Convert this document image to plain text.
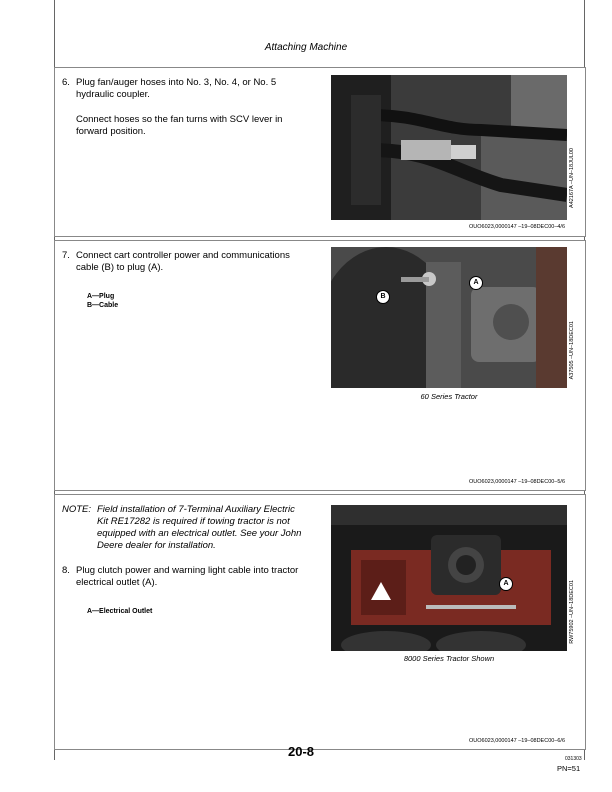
Attaching Machine
6. Plug fan/auger hoses into No. 3, No. 4, or No. 5
hydraulic coupler.
Connect hoses so the fan turns with SCV lever in
forward position.
A42167A –UN–18JUL00
OUO6023,0000147 –19–08DEC00–4/6
7. Connect cart controller power and communications
cable (B) to plug (A).
A—Plug
B—Cable
A
B
A37505 –UN–18DEC01
60 Series Tractor
OUO6023,0000147 –19–08DEC00–5/6
NOTE: Field installation of 7-Terminal Auxiliary Electric
Kit RE17282 is required if towing tractor is not
equipped with an electrical outlet. See your John
Deere dealer for installation.
8. Plug clutch power and warning light cable into tractor
electrical outlet (A).
A—Electrical Outlet
A	RW75902 –UN–18DEC01
8000 Series Tractor Shown
OUO6023,0000147 –19–08DEC00–6/6
20-8	031303
PN=51
